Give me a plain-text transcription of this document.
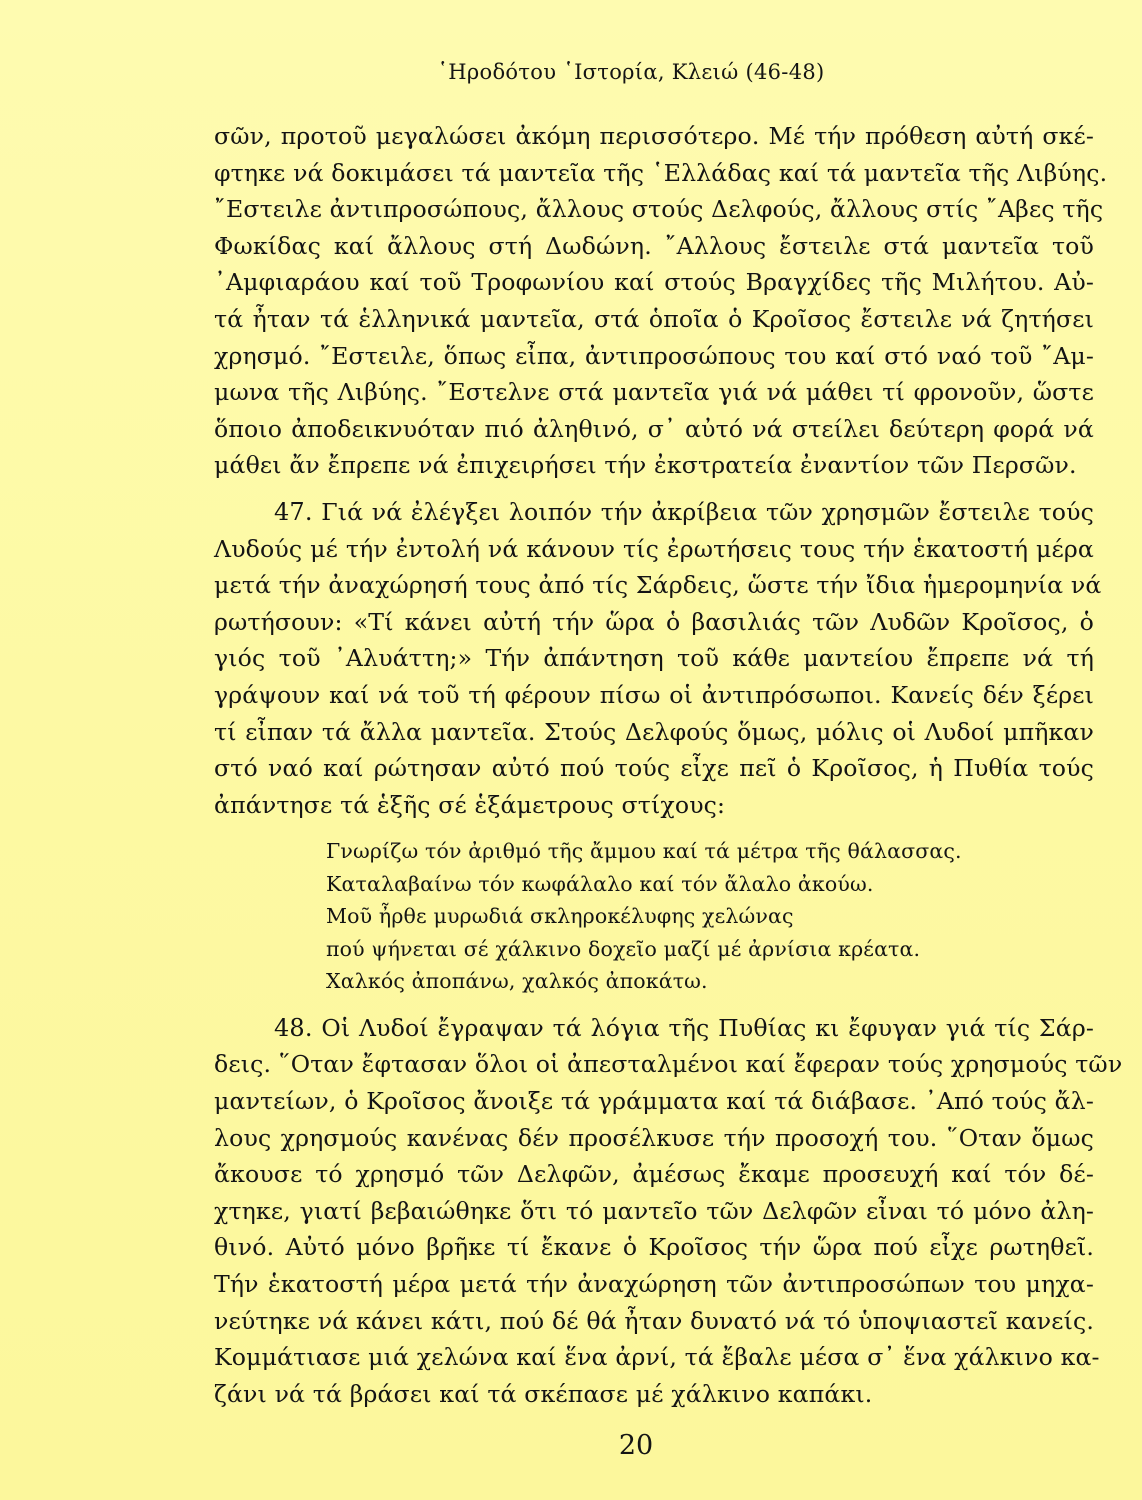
῾Ηροδότου ῾Ιστορία, Κλειώ (46-48)

σῶν, προτοῦ μεγαλώσει ἀκόμη περισσότερο. Μέ τήν πρόθεση αὐτή σκέ-
φτηκε νά δοκιμάσει τά μαντεῖα τῆς ῾Ελλάδας καί τά μαντεῖα τῆς Λιβύης.
῎Εστειλε ἀντιπροσώπους, ἄλλους στούς Δελφούς, ἄλλους στίς ῎Αβες τῆς
Φωκίδας καί ἄλλους στή Δωδώνη. ῎Αλλους ἔστειλε στά μαντεῖα τοῦ
᾿Αμφιαράου καί τοῦ Τροφωνίου καί στούς Βραγχίδες τῆς Μιλήτου. Αὐ-
τά ἦταν τά ἑλληνικά μαντεῖα, στά ὁποῖα ὁ Κροῖσος ἔστειλε νά ζητήσει
χρησμό. ῎Εστειλε, ὅπως εἶπα, ἀντιπροσώπους του καί στό ναό τοῦ ῎Αμ-
μωνα τῆς Λιβύης. ῎Εστελνε στά μαντεῖα γιά νά μάθει τί φρονοῦν, ὥστε
ὅποιο ἀποδεικνυόταν πιό ἀληθινό, σ᾿ αὐτό νά στείλει δεύτερη φορά νά
μάθει ἄν ἔπρεπε νά ἐπιχειρήσει τήν ἐκστρατεία ἐναντίον τῶν Περσῶν.

47. Γιά νά ἐλέγξει λοιπόν τήν ἀκρίβεια τῶν χρησμῶν ἔστειλε τούς
Λυδούς μέ τήν ἐντολή νά κάνουν τίς ἐρωτήσεις τους τήν ἑκατοστή μέρα
μετά τήν ἀναχώρησή τους ἀπό τίς Σάρδεις, ὥστε τήν ἴδια ἡμερομηνία νά
ρωτήσουν: «Τί κάνει αὐτή τήν ὥρα ὁ βασιλιάς τῶν Λυδῶν Κροῖσος, ὁ
γιός τοῦ ᾿Αλυάττη;» Τήν ἀπάντηση τοῦ κάθε μαντείου ἔπρεπε νά τή
γράψουν καί νά τοῦ τή φέρουν πίσω οἱ ἀντιπρόσωποι. Κανείς δέν ξέρει
τί εἶπαν τά ἄλλα μαντεῖα. Στούς Δελφούς ὅμως, μόλις οἱ Λυδοί μπῆκαν
στό ναό καί ρώτησαν αὐτό πού τούς εἶχε πεῖ ὁ Κροῖσος, ἡ Πυθία τούς
ἀπάντησε τά ἑξῆς σέ ἑξάμετρους στίχους:

Γνωρίζω τόν ἀριθμό τῆς ἄμμου καί τά μέτρα τῆς θάλασσας.
Καταλαβαίνω τόν κωφάλαλο καί τόν ἄλαλο ἀκούω.
Μοῦ ἦρθε μυρωδιά σκληροκέλυφης χελώνας
πού ψήνεται σέ χάλκινο δοχεῖο μαζί μέ ἀρνίσια κρέατα.
Χαλκός ἀποπάνω, χαλκός ἀποκάτω.

48. Οἱ Λυδοί ἔγραψαν τά λόγια τῆς Πυθίας κι ἔφυγαν γιά τίς Σάρ-
δεις. ῞Οταν ἔφτασαν ὅλοι οἱ ἀπεσταλμένοι καί ἔφεραν τούς χρησμούς τῶν
μαντείων, ὁ Κροῖσος ἄνοιξε τά γράμματα καί τά διάβασε. ᾿Από τούς ἄλ-
λους χρησμούς κανένας δέν προσέλκυσε τήν προσοχή του. ῞Οταν ὅμως
ἄκουσε τό χρησμό τῶν Δελφῶν, ἀμέσως ἔκαμε προσευχή καί τόν δέ-
χτηκε, γιατί βεβαιώθηκε ὅτι τό μαντεῖο τῶν Δελφῶν εἶναι τό μόνο ἀλη-
θινό. Αὐτό μόνο βρῆκε τί ἔκανε ὁ Κροῖσος τήν ὥρα πού εἶχε ρωτηθεῖ.
Τήν ἑκατοστή μέρα μετά τήν ἀναχώρηση τῶν ἀντιπροσώπων του μηχα-
νεύτηκε νά κάνει κάτι, πού δέ θά ἦταν δυνατό νά τό ὑποψιαστεῖ κανείς.
Κομμάτιασε μιά χελώνα καί ἕνα ἀρνί, τά ἔβαλε μέσα σ᾿ ἕνα χάλκινο κα-
ζάνι νά τά βράσει καί τά σκέπασε μέ χάλκινο καπάκι.

20
